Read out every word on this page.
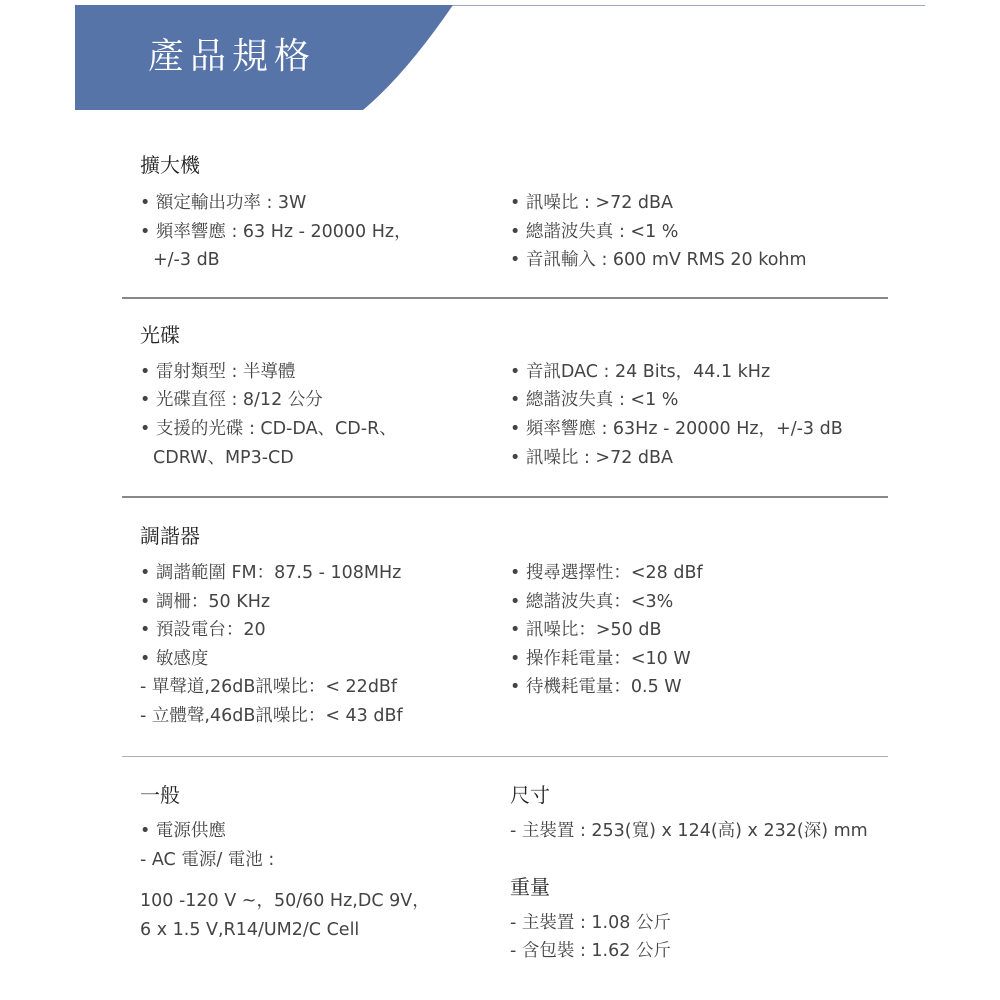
產品規格
擴大機
• 額定輸出功率 : 3W
• 頻率響應 : 63 Hz - 20000 Hz，
+/-3 dB
• 訊噪比 : >72 dBA
• 總諧波失真 : <1 %
• 音訊輸入 : 600 mV RMS 20 kohm
光碟
• 雷射類型 : 半導體
• 光碟直徑 : 8/12 公分
• 支援的光碟 : CD-DA、CD-R、
CDRW、MP3-CD
• 音訊DAC : 24 Bits，44.1 kHz
• 總諧波失真 : <1 %
• 頻率響應 : 63Hz - 20000 Hz，+/-3 dB
• 訊噪比 : >72 dBA
調諧器
• 調諧範圍 FM：87.5 - 108MHz
• 調柵：50 KHz
• 預設電台：20
• 敏感度
- 單聲道,26dB訊噪比：< 22dBf
- 立體聲,46dB訊噪比：< 43 dBf
• 搜尋選擇性：<28 dBf
• 總諧波失真：<3%
• 訊噪比：>50 dB
• 操作耗電量：<10 W
• 待機耗電量：0.5 W
一般
• 電源供應
- AC 電源/ 電池 :
100 -120 V ~，50/60 Hz,DC 9V，
6 x 1.5 V,R14/UM2/C Cell
尺寸
- 主裝置 : 253(寬) x 124(高) x 232(深) mm
重量
- 主裝置 : 1.08 公斤
- 含包裝 : 1.62 公斤
